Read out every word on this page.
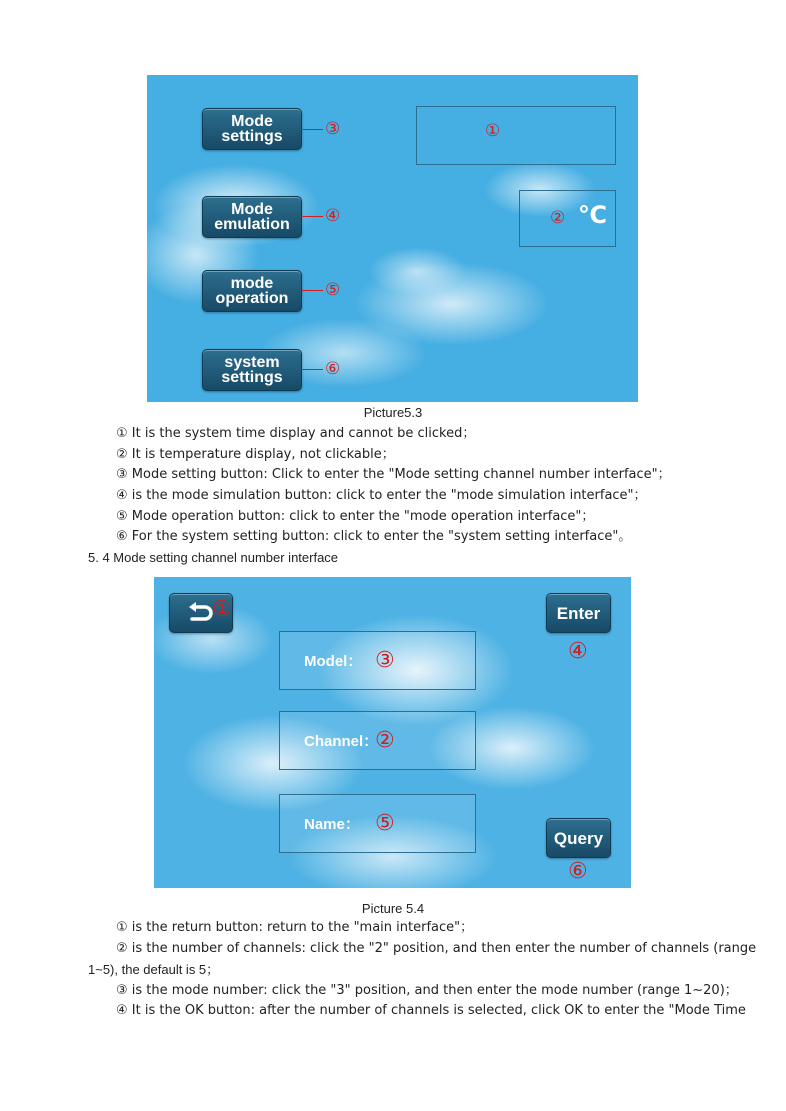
Mode
settings ③
Mode
emulation ④
mode
operation ⑤
system
settings ⑥
①
② ℃
Picture5.3
① It is the system time display and cannot be clicked；
② It is temperature display, not clickable；
③ Mode setting button: Click to enter the "Mode setting channel number interface"；
④ is the mode simulation button: click to enter the "mode simulation interface"；
⑤ Mode operation button: click to enter the "mode operation interface"；
⑥ For the system setting button: click to enter the "system setting interface"。
5. 4 Mode setting channel number interface
①	Enter
④
Model： ③
Channel：
②
Name： ⑤
Query
⑥
Picture 5.4
① is the return button: return to the "main interface"；
② is the number of channels: click the "2" position, and then enter the number of channels (range
1~5), the default is 5；
③ is the mode number: click the "3" position, and then enter the mode number (range 1~20)；
④ It is the OK button: after the number of channels is selected, click OK to enter the "Mode Time
